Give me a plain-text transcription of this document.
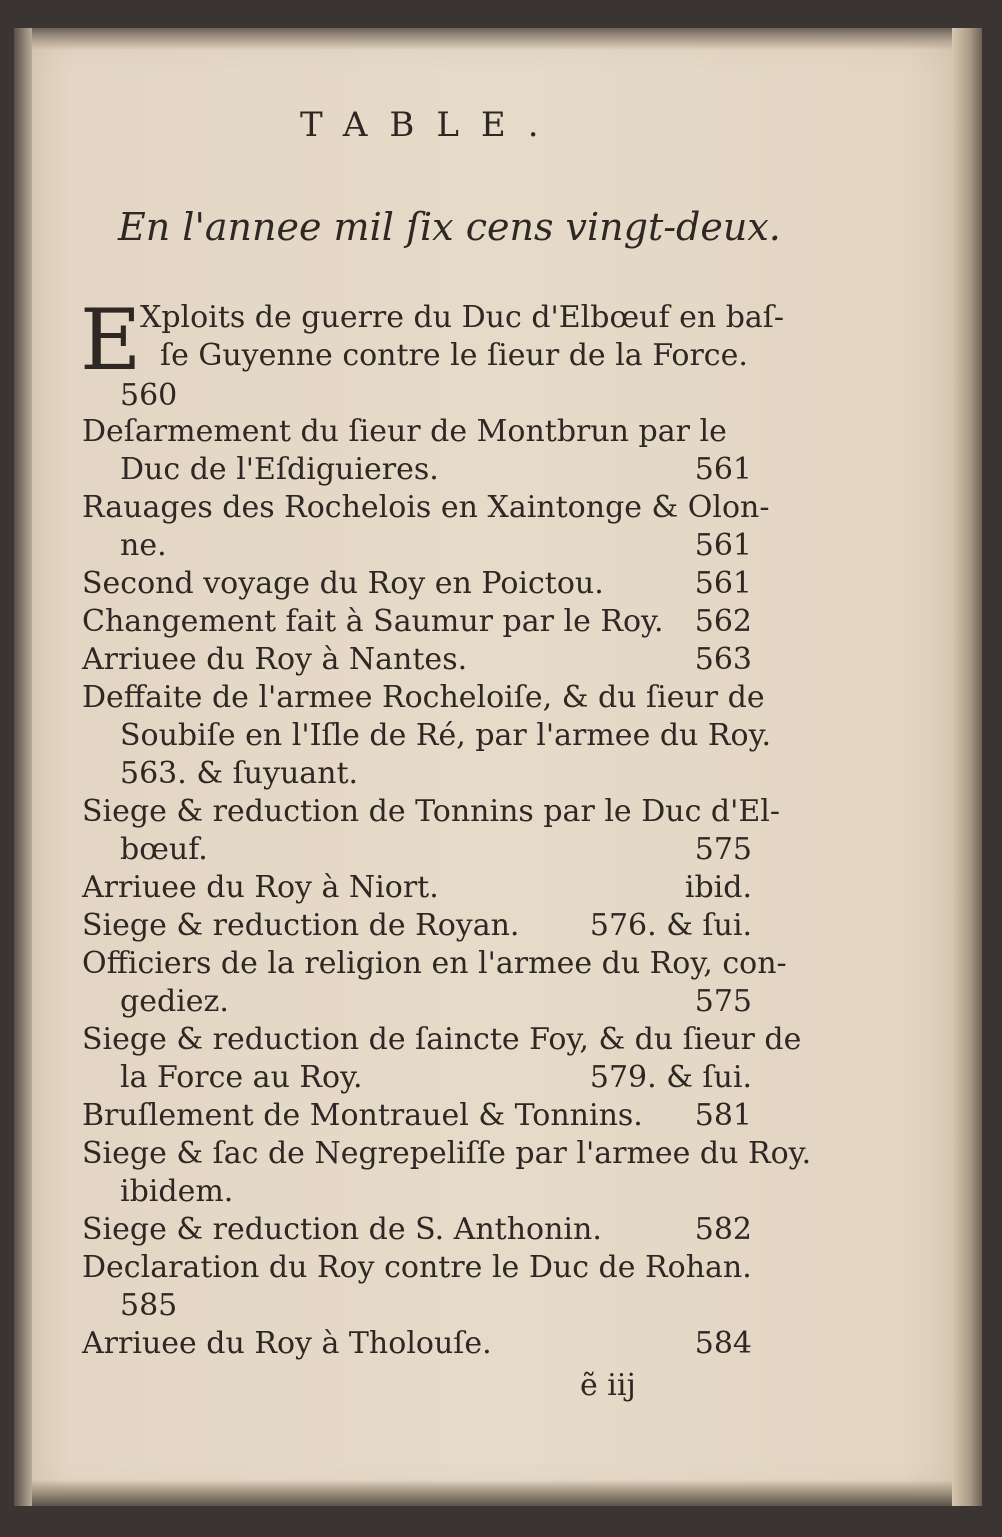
TABLE.
En l'annee mil ſix cens vingt-deux.
E
Xploits de guerre du Duc d'Elbœuf en baſ-
ſe Guyenne contre le ſieur de la Force.
560
Deſarmement du ſieur de Montbrun par le
Duc de l'Eſdiguieres.	561
Rauages des Rochelois en Xaintonge & Olon-
ne.	561
Second voyage du Roy en Poictou.	561
Changement fait à Saumur par le Roy. 562
Arriuee du Roy à Nantes.	563
Deffaite de l'armee Rocheloiſe, & du ſieur de
Soubiſe en l'Iſle de Ré, par l'armee du Roy.
563. & ſuyuant.
Siege & reduction de Tonnins par le Duc d'El-
bœuf.	575
Arriuee du Roy à Niort.	ibid.
Siege & reduction de Royan. 576. & ſui.
Officiers de la religion en l'armee du Roy, con-
gediez.	575
Siege & reduction de ſaincte Foy, & du ſieur de
la Force au Roy.	579. & ſui.
Bruſlement de Montrauel & Tonnins. 581
Siege & ſac de Negrepeliſſe par l'armee du Roy.
ibidem.
Siege & reduction de S. Anthonin.	582
Declaration du Roy contre le Duc de Rohan.
585
Arriuee du Roy à Tholouſe.	584
ẽ iij
